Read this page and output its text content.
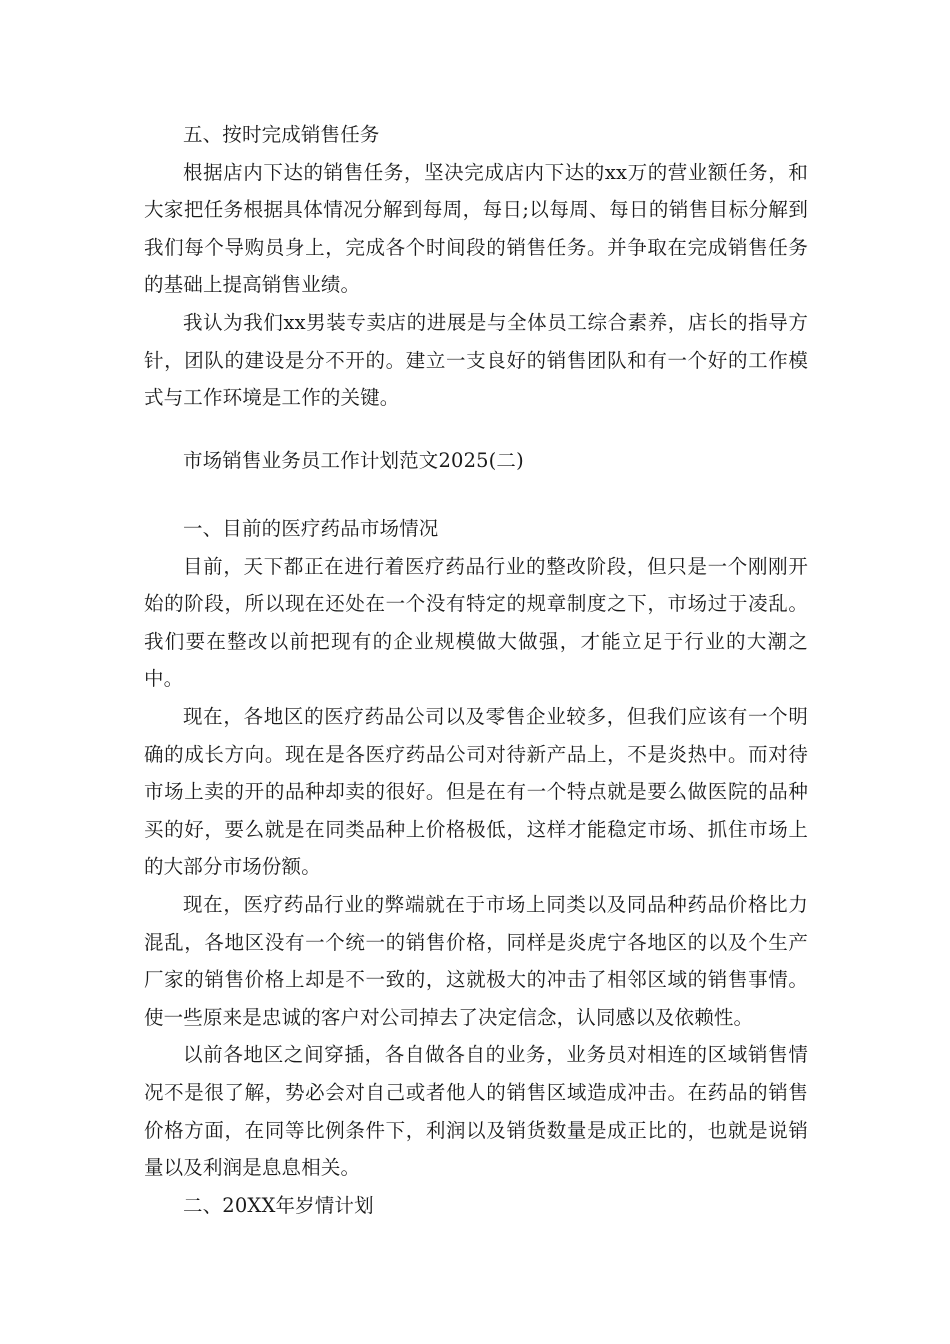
五、按时完成销售任务

根据店内下达的销售任务，坚决完成店内下达的xx万的营业额任务，和大家把任务根据具体情况分解到每周，每日;以每周、每日的销售目标分解到我们每个导购员身上，完成各个时间段的销售任务。并争取在完成销售任务的基础上提高销售业绩。

我认为我们xx男装专卖店的进展是与全体员工综合素养，店长的指导方针，团队的建设是分不开的。建立一支良好的销售团队和有一个好的工作模式与工作环境是工作的关键。

市场销售业务员工作计划范文2025(二)

一、目前的医疗药品市场情况

目前，天下都正在进行着医疗药品行业的整改阶段，但只是一个刚刚开始的阶段，所以现在还处在一个没有特定的规章制度之下，市场过于凌乱。我们要在整改以前把现有的企业规模做大做强，才能立足于行业的大潮之中。

现在，各地区的医疗药品公司以及零售企业较多，但我们应该有一个明确的成长方向。现在是各医疗药品公司对待新产品上，不是炎热中。而对待市场上卖的开的品种却卖的很好。但是在有一个特点就是要么做医院的品种买的好，要么就是在同类品种上价格极低，这样才能稳定市场、抓住市场上的大部分市场份额。

现在，医疗药品行业的弊端就在于市场上同类以及同品种药品价格比力混乱，各地区没有一个统一的销售价格，同样是炎虎宁各地区的以及个生产厂家的销售价格上却是不一致的，这就极大的冲击了相邻区域的销售事情。使一些原来是忠诚的客户对公司掉去了决定信念，认同感以及依赖性。

以前各地区之间穿插，各自做各自的业务，业务员对相连的区域销售情况不是很了解，势必会对自己或者他人的销售区域造成冲击。在药品的销售价格方面，在同等比例条件下，利润以及销货数量是成正比的，也就是说销量以及利润是息息相关。

二、20XX年岁情计划
